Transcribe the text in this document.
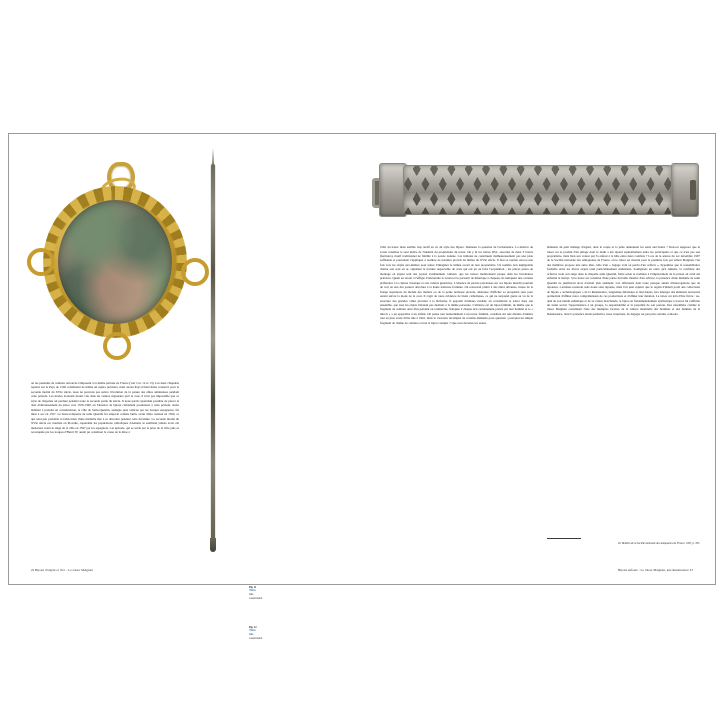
ou les pendants de ceinture retrouvés s'imposent à la même période en France (voir Cat. 12 et 13). Les deux chapelets repérés sur le Pays de 1546 constituent de même un repère précieux, mais aucun Pays n'étant hélas conservé pour la seconde moitié du XVIe siècle, nous ne pouvons pas suivre l'évolution de la parure des élites amiénoises pendant cette période. Les modes évoluant moins vite dans les centres régionaux qu'à la cour, il n'est pas impossible que ce style de chapelets ait perduré pendant toute la seconde partie du siècle. Il nous paraît cependant possible de placer la date d'enfouissement du trésor vers 1550-1560, en l'absence de bijoux clairement postérieurs à cette période. Autre élément à prendre en considération, la ville de Saint-Quentin, assiégée puis vaincue par les troupes espagnoles, fut mise à sac en 1557. Le buste-reliquaire de saint Quentin fut emporté comme butin, avant d'être restitué en 1569, ce qui rend peu probable la fabrication d'une médaille liée à sa dévotion pendant cette décennie. La seconde moitié du XVIe siècle est troublée en Picardie, cependant les populations catholiques d'Amiens se semblent jamais avoir été menacées avant le siège de la ville en 1597 par les espagnols. Cet épisode, qui se solde par la prise de la ville puis sa reconquête par les troupes d'Henri IV, aurait pu constituer la cause de la mise à

Fig. 11
Titre
date
conservation
Fig. 12
Titre
date
conservation
22 Bijoux d'argent et d'or – Le trésor Maignan

l'abri du trésor mais semble trop tardif au vu du style des bijoux. Demeure la question de l'ordonnance. La matrice de sceau constitue le seul indice de l'identité du propriétaire du trésor. On y lit les lettres DSL, assorties de deux S barrés (fermoirs), motif traditionnel de fidélité à la parole donnée. Ces initiales ne constituent malheureusement pas une piste suffisante et pourraient s'appliquer à nombre de notables picards du milieu du XVIe siècle. Il faut se tourner encore une fois vers les objets eux-mêmes pour tenter d'imaginer le milieu social de leur propriétaire. Un nombre non négligeable d'entre eux sont en or, signalant la fortune respectable de ceux qui ont pu en faire l'acquisition ; les pièces prises de montage en argent sont des joyaux extrêmement coûteux, que les trésors mentionnant jusque dans les inventaires princiers. Quant au savoir à l'effigie d'Alexandre le Grand et le parvenir de limerique à chapeau, ils indiquent une certaine préférence à la culture classique et aux valeurs guerrières. L'absence de pierres précieuses sur ces bijoux interdit pourtant de voir en eux des parures dévolues à la haute noblesse fortunée. On retrouvait plutôt à des élites urbaines, issues de la frange supérieure du monde des métiers ou de la petite noblesse picarde, désireuse d'afficher sa prospérité sans pour autant suivre la mode de la cour. Il s'agit de toute évidence de biens catholiques, ce qui ne surprend guère au vu de la structure des grandes villes picardes à la Réforme. Il apparaît d'ailleurs évident, en considérant le trésor dans son ensemble, que tous les objets n'étaient pas destinés à la même personne. L'alliance est un bijou féminin, de même que le fragment de ceinture orné d'un pendant en roumarche, flanquée à chaque état certainement portée par leur homme et le « miroir » a pu apparaître à un enfant. On pense tout naturellement à un trésor familial, constitué sur une dizaine d'années tout au plus avant d'être mis à l'abri, mais le caractère incomplet de certains éléments pose question ; pourquoi un simple fragment de chaîne de ceinture et non le bijou complet ? Que sont devenus les autres

éléments du petit ménage d'argent, dont la coupe et la pelle demeurent les seuls survivants ? Doit-on supposer que le trésor est le produit d'un pillage dont le butin a été réparti équitablement entre les participants et que ce n'est pas son propriétaire, mais bien son voleur qui l'a enfoui à la hâte entre deux combats ? Lors de la séance du 1er décembre 1997 de la Société nationale des Antiquaires de France, où le trésor est montré pour la première fois par Albert Maignan, l'un des membres propose une autre idée, celle d'un « bagage volé ou perdu d'un orfèvre », hypothèse que la ressemblance formelle entre les divers objets rend particulièrement séduisante. Soulignons en outre qu'à Amiens, la confrérie des orfèvres avait son siège dans la chapelle saint Quentin, fatite selon la tradition à l'emplacement de la prison où avait été enfermé le martyr. Si le trésor est constitué d'une partie du butin d'atelier d'un orfèvre, la présence d'une médaille de saint Quentin ne justifierait alors d'autant plus aisément. Ces réflexions dont toute presque autant d'interrogations que de réponses. Certaines resteront sans doute sans réponse, mais l'on peut espérer que le regain d'intérêt porté aux collections de bijoux « archéologiques » de la Renaissance, longtemps délaissées et mal datées, fera émerger des éléments nouveaux permettant d'affiner notre compréhension de ces productions et d'affiner leur datation. Le trésor est loin d'être livrée : au-delà de son intérêt esthétique et de sa valeur marchande, le bijou est fondamentalement symbolique à travers lui s'affirme un statut social, l'appartenance à un groupe, la responsabilité et la propriété de son porteur. Des ensembles comme le trésor Maignan constituent l'une des multiples facettes de la culture matérielle des hommes et des femmes de la Renaissance, dont la présence étude permettra, nous l'espérons, de dégager un peu plus certains contours.

16. Bulletin de la Société nationale des Antiquaires de France, 1997, p. 395.
Bijoux enfouis : Le trésor Maignan, une Renaissance 23
